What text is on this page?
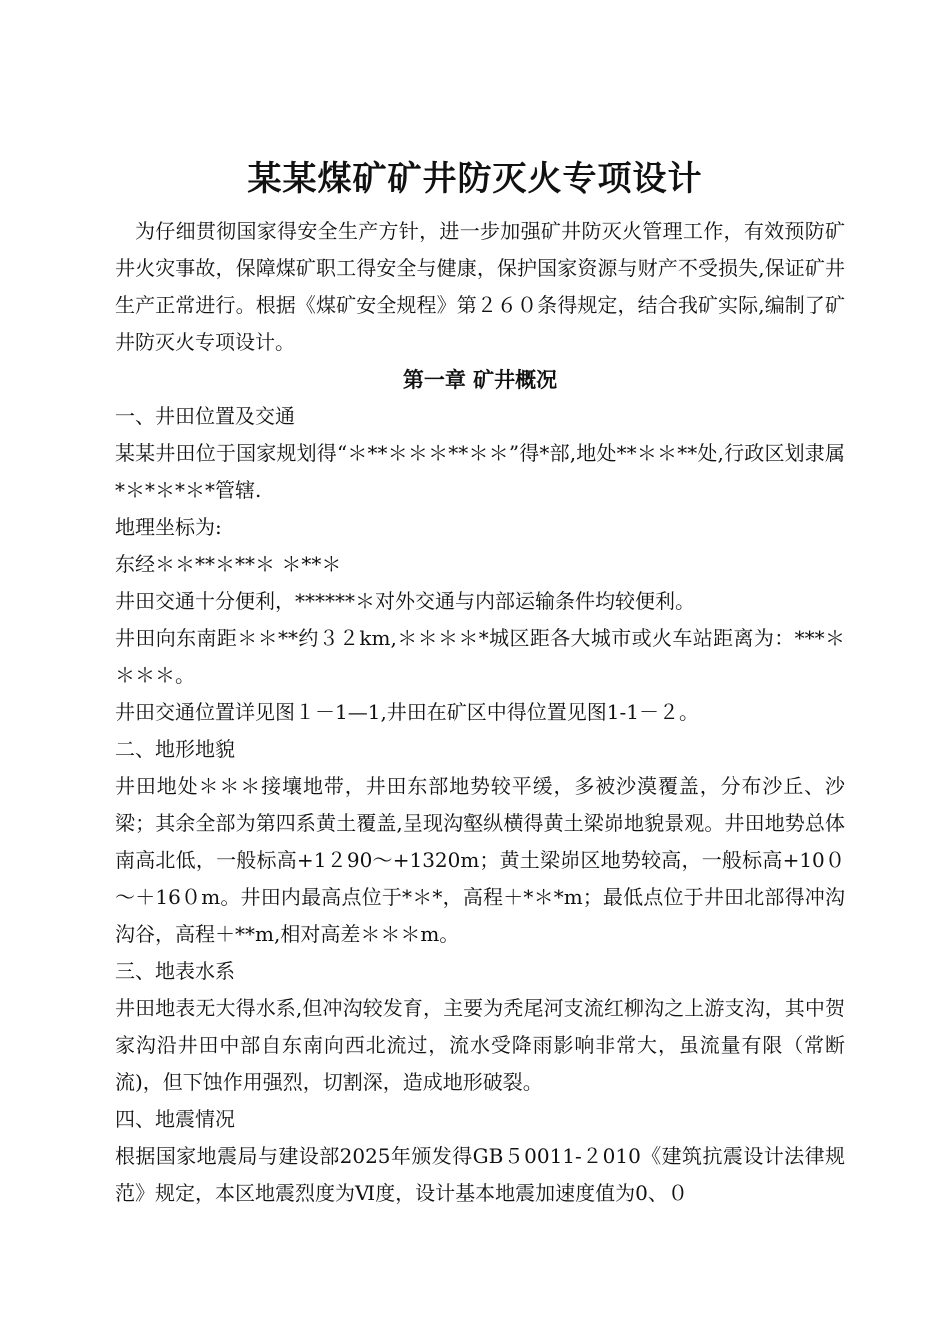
某某煤矿矿井防灭火专项设计

为仔细贯彻国家得安全生产方针，进一步加强矿井防灭火管理工作，有效预防矿井火灾事故，保障煤矿职工得安全与健康，保护国家资源与财产不受损失,保证矿井生产正常进行。根据《煤矿安全规程》第２６０条得规定，结合我矿实际,编制了矿井防灭火专项设计。

第一章 矿井概况

一、井田位置及交通

某某井田位于国家规划得“＊**＊＊＊**＊＊”得*部,地处**＊＊**处,行政区划隶属*＊*＊*＊*管辖.

地理坐标为:

东经＊＊**＊**＊ ＊**＊

井田交通十分便利，******＊对外交通与内部运输条件均较便利。

井田向东南距＊＊**约３２km,＊＊＊＊*城区距各大城市或火车站距离为：***＊＊＊＊。

井田交通位置详见图１－1—1,井田在矿区中得位置见图1-1－２。

二、地形地貌

井田地处＊＊＊接壤地带，井田东部地势较平缓，多被沙漠覆盖，分布沙丘、沙梁；其余全部为第四系黄土覆盖,呈现沟壑纵横得黄土梁峁地貌景观。井田地势总体南高北低，一般标高+1２90～+1320m；黄土梁峁区地势较高，一般标高+10０～＋16０m。井田内最高点位于*＊*，高程＋*＊*m；最低点位于井田北部得冲沟沟谷，高程＋**m,相对高差＊＊＊m。

三、地表水系

井田地表无大得水系,但冲沟较发育，主要为秃尾河支流红柳沟之上游支沟，其中贺家沟沿井田中部自东南向西北流过，流水受降雨影响非常大，虽流量有限（常断流)，但下蚀作用强烈，切割深，造成地形破裂。

四、地震情况

根据国家地震局与建设部2025年颁发得GB５0011-２010《建筑抗震设计法律规范》规定，本区地震烈度为Ⅵ度，设计基本地震加速度值为0、０
